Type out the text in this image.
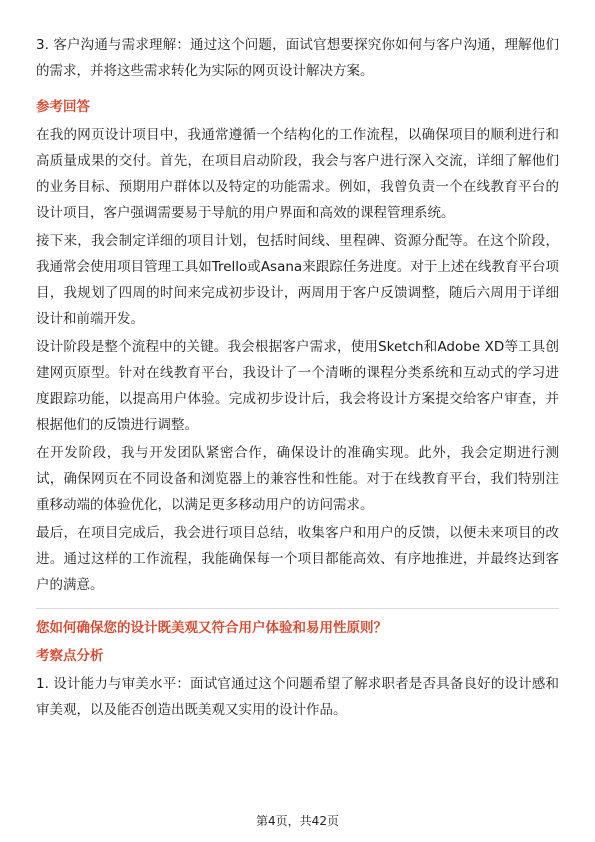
3. 客户沟通与需求理解：通过这个问题，面试官想要探究你如何与客户沟通，理解他们的需求，并将这些需求转化为实际的网页设计解决方案。

参考回答

在我的网页设计项目中，我通常遵循一个结构化的工作流程，以确保项目的顺利进行和高质量成果的交付。首先，在项目启动阶段，我会与客户进行深入交流，详细了解他们的业务目标、预期用户群体以及特定的功能需求。例如，我曾负责一个在线教育平台的设计项目，客户强调需要易于导航的用户界面和高效的课程管理系统。

接下来，我会制定详细的项目计划，包括时间线、里程碑、资源分配等。在这个阶段，我通常会使用项目管理工具如Trello或Asana来跟踪任务进度。对于上述在线教育平台项目，我规划了四周的时间来完成初步设计，两周用于客户反馈调整，随后六周用于详细设计和前端开发。

设计阶段是整个流程中的关键。我会根据客户需求，使用Sketch和Adobe XD等工具创建网页原型。针对在线教育平台，我设计了一个清晰的课程分类系统和互动式的学习进度跟踪功能，以提高用户体验。完成初步设计后，我会将设计方案提交给客户审查，并根据他们的反馈进行调整。

在开发阶段，我与开发团队紧密合作，确保设计的准确实现。此外，我会定期进行测试，确保网页在不同设备和浏览器上的兼容性和性能。对于在线教育平台，我们特别注重移动端的体验优化，以满足更多移动用户的访问需求。

最后，在项目完成后，我会进行项目总结，收集客户和用户的反馈，以便未来项目的改进。通过这样的工作流程，我能确保每一个项目都能高效、有序地推进，并最终达到客户的满意。

您如何确保您的设计既美观又符合用户体验和易用性原则？
考察点分析

1. 设计能力与审美水平：面试官通过这个问题希望了解求职者是否具备良好的设计感和审美观，以及能否创造出既美观又实用的设计作品。

第4页，共42页
